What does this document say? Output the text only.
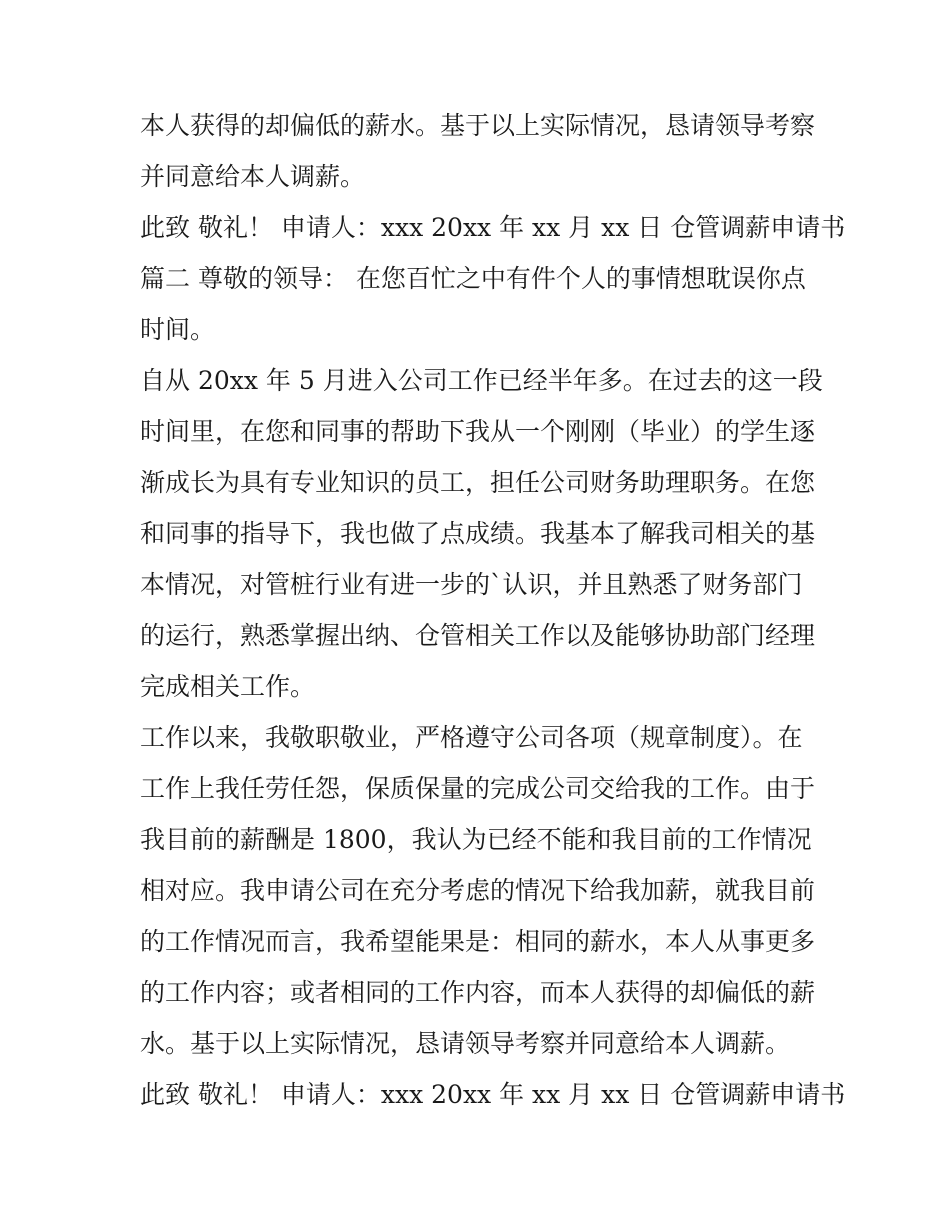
本人获得的却偏低的薪水。基于以上实际情况，恳请领导考察
并同意给本人调薪。
此致 敬礼！ 申请人：xxx 20xx 年 xx 月 xx 日 仓管调薪申请书
篇二 尊敬的领导： 在您百忙之中有件个人的事情想耽误你点
时间。
自从 20xx 年 5 月进入公司工作已经半年多。在过去的这一段
时间里，在您和同事的帮助下我从一个刚刚（毕业）的学生逐
渐成长为具有专业知识的员工，担任公司财务助理职务。在您
和同事的指导下，我也做了点成绩。我基本了解我司相关的基
本情况，对管桩行业有进一步的`认识，并且熟悉了财务部门
的运行，熟悉掌握出纳、仓管相关工作以及能够协助部门经理
完成相关工作。
工作以来，我敬职敬业，严格遵守公司各项（规章制度）。在
工作上我任劳任怨，保质保量的完成公司交给我的工作。由于
我目前的薪酬是 1800，我认为已经不能和我目前的工作情况
相对应。我申请公司在充分考虑的情况下给我加薪，就我目前
的工作情况而言，我希望能果是：相同的薪水，本人从事更多
的工作内容；或者相同的工作内容，而本人获得的却偏低的薪
水。基于以上实际情况，恳请领导考察并同意给本人调薪。
此致 敬礼！ 申请人：xxx 20xx 年 xx 月 xx 日 仓管调薪申请书
